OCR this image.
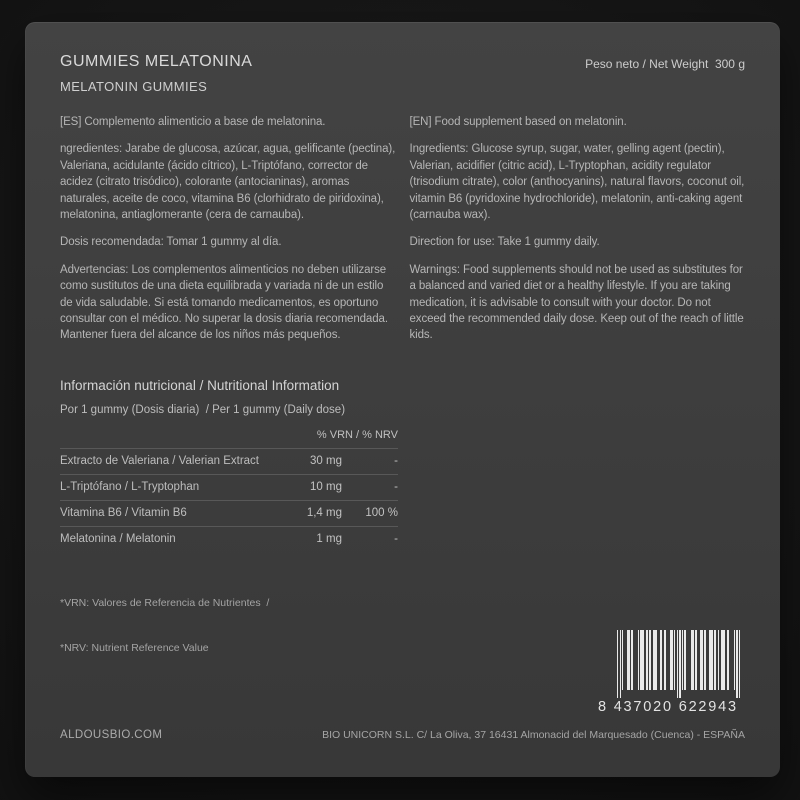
GUMMIES MELATONINA
MELATONIN GUMMIES
Peso neto / Net Weight  300 g

[ES] Complemento alimenticio a base de melatonina.

ngredientes: Jarabe de glucosa, azúcar, agua, gelificante (pectina), Valeriana, acidulante (ácido cítrico), L-Triptófano, corrector de acidez (citrato trisódico), colorante (antocianinas), aromas naturales, aceite de coco, vitamina B6 (clorhidrato de piridoxina), melatonina, antiaglomerante (cera de carnauba).

Dosis recomendada: Tomar 1 gummy al día.

Advertencias: Los complementos alimenticios no deben utilizarse como sustitutos de una dieta equilibrada y variada ni de un estilo de vida saludable. Si está tomando medicamentos, es oportuno consultar con el médico. No superar la dosis diaria recomendada. Mantener fuera del alcance de los niños más pequeños.

[EN] Food supplement based on melatonin.

Ingredients: Glucose syrup, sugar, water, gelling agent (pectin), Valerian, acidifier (citric acid), L-Tryptophan, acidity regulator (trisodium citrate), color (anthocyanins), natural flavors, coconut oil, vitamin B6 (pyridoxine hydrochloride), melatonin, anti-caking agent (carnauba wax).

Direction for use: Take 1 gummy daily.

Warnings: Food supplements should not be used as substitutes for a balanced and varied diet or a healthy lifestyle. If you are taking medication, it is advisable to consult with your doctor. Do not exceed the recommended daily dose. Keep out of the reach of little kids.

Información nutricional / Nutritional Information
Por 1 gummy (Dosis diaria)  / Per 1 gummy (Daily dose)
% VRN / % NRV
Extracto de Valeriana / Valerian Extract	30 mg	-
L-Triptófano / L-Tryptophan	10 mg	-
Vitamina B6 / Vitamin B6	1,4 mg	100 %
Melatonina / Melatonin	1 mg	-

*VRN: Valores de Referencia de Nutrientes  /

*NRV: Nutrient Reference Value

8 437020 622943
ALDOUSBIO.COM	BIO UNICORN S.L. C/ La Oliva, 37 16431 Almonacid del Marquesado (Cuenca) - ESPAÑA
